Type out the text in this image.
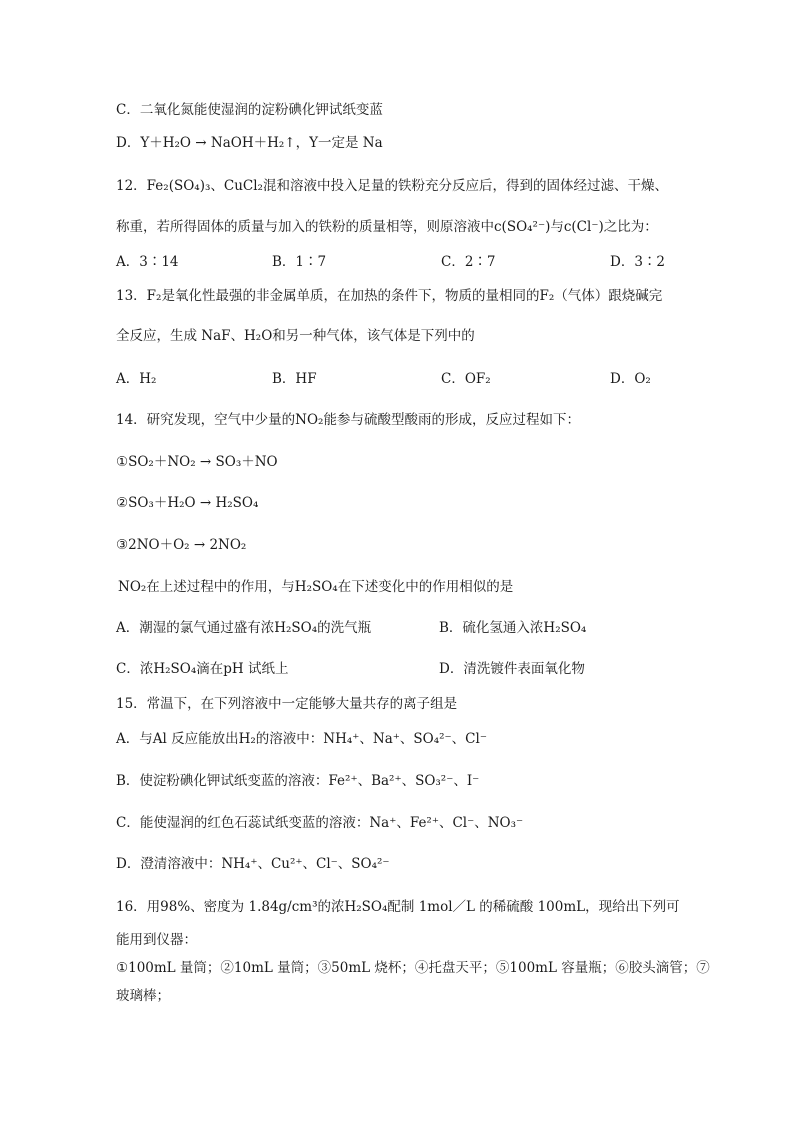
C．二氧化氮能使湿润的淀粉碘化钾试纸变蓝
D．Y＋H₂O → NaOH＋H₂↑，Y一定是 Na
12．Fe₂(SO₄)₃、CuCl₂混和溶液中投入足量的铁粉充分反应后，得到的固体经过滤、干燥、
称重，若所得固体的质量与加入的铁粉的质量相等，则原溶液中c(SO₄²⁻)与c(Cl⁻)之比为：
A．3∶14	B．1∶7	C．2∶7	D．3∶2
13．F₂是氧化性最强的非金属单质，在加热的条件下，物质的量相同的F₂（气体）跟烧碱完
全反应，生成 NaF、H₂O和另一种气体，该气体是下列中的
A．H₂	B．HF	C．OF₂	D．O₂
14．研究发现，空气中少量的NO₂能参与硫酸型酸雨的形成，反应过程如下：
①SO₂＋NO₂ → SO₃＋NO
②SO₃＋H₂O → H₂SO₄
③2NO＋O₂ → 2NO₂
NO₂在上述过程中的作用，与H₂SO₄在下述变化中的作用相似的是
A．潮湿的氯气通过盛有浓H₂SO₄的洗气瓶	B．硫化氢通入浓H₂SO₄
C．浓H₂SO₄滴在pH 试纸上	D．清洗镀件表面氧化物
15．常温下，在下列溶液中一定能够大量共存的离子组是
A．与Al 反应能放出H₂的溶液中：NH₄⁺、Na⁺、SO₄²⁻、Cl⁻
B．使淀粉碘化钾试纸变蓝的溶液：Fe²⁺、Ba²⁺、SO₃²⁻、I⁻
C．能使湿润的红色石蕊试纸变蓝的溶液：Na⁺、Fe²⁺、Cl⁻、NO₃⁻
D．澄清溶液中：NH₄⁺、Cu²⁺、Cl⁻、SO₄²⁻
16．用98%、密度为 1.84g/cm³的浓H₂SO₄配制 1mol／L 的稀硫酸 100mL，现给出下列可
能用到仪器：
①100mL 量筒；②10mL 量筒；③50mL 烧杯；④托盘天平；⑤100mL 容量瓶；⑥胶头滴管；⑦
玻璃棒；
